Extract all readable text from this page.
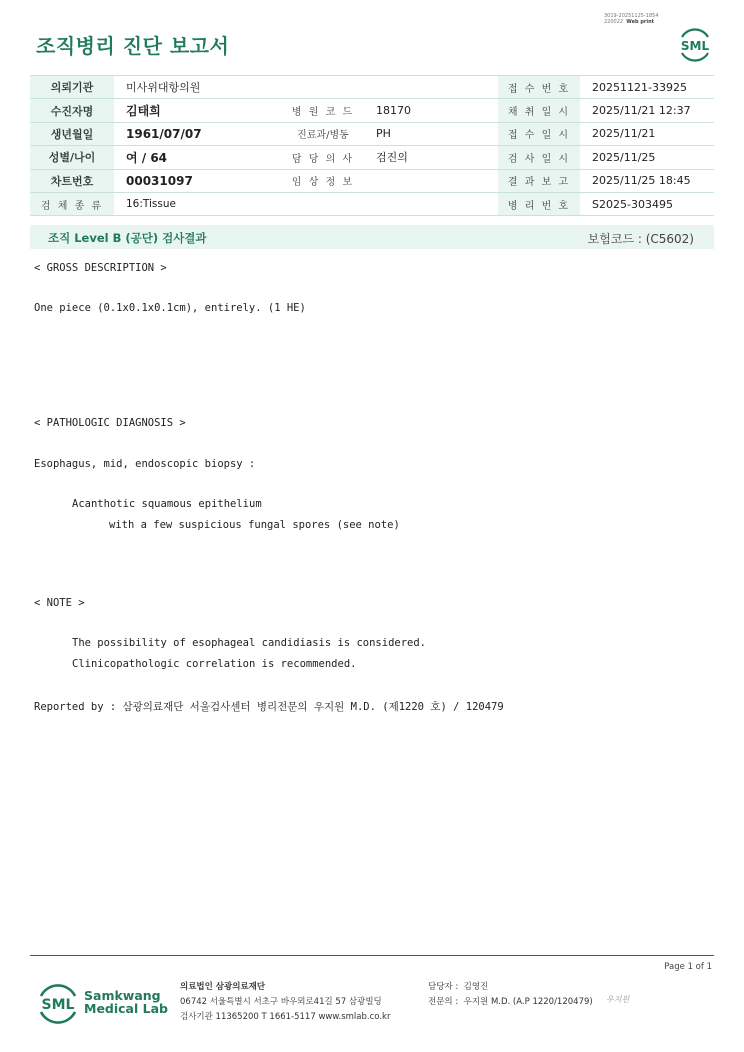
3019-20251125-1854
220022 Web print
조직병리 진단 보고서	SML
의뢰기관	미사위대항의원			접 수 번 호	20251121-33925
수진자명	김태희	병 원 코 드	18170	채 취 일 시	2025/11/21 12:37
생년월일	1961/07/07	진료과/병동	PH	접 수 일 시	2025/11/21
성별/나이	여 / 64	담 당 의 사	검진의	검 사 일 시	2025/11/25
차트번호	00031097	임 상 정 보		결 과 보 고	2025/11/25 18:45
검 체 종 류	16:Tissue			병 리 번 호	S2025-303495
조직 Level B (공단) 검사결과	보험코드 : (C5602)
< GROSS DESCRIPTION >
One piece (0.1x0.1x0.1cm), entirely. (1 HE)
< PATHOLOGIC DIAGNOSIS >
Esophagus, mid, endoscopic biopsy :
Acanthotic squamous epithelium
with a few suspicious fungal spores (see note)
< NOTE >
The possibility of esophageal candidiasis is considered.
Clinicopathologic correlation is recommended.
Reported by : 삼광의료재단 서울검사센터 병리전문의 우지원 M.D. (제1220 호) / 120479
Page 1 of 1
SML
Samkwang
Medical Lab
의료법인 삼광의료재단
06742 서울특별시 서초구 바우뫼로41길 57 삼광빌딩
검사기관 11365200 T 1661-5117 www.smlab.co.kr
담당자 : 김영진
전문의 : 우지원 M.D. (A.P 1220/120479) 우지원
